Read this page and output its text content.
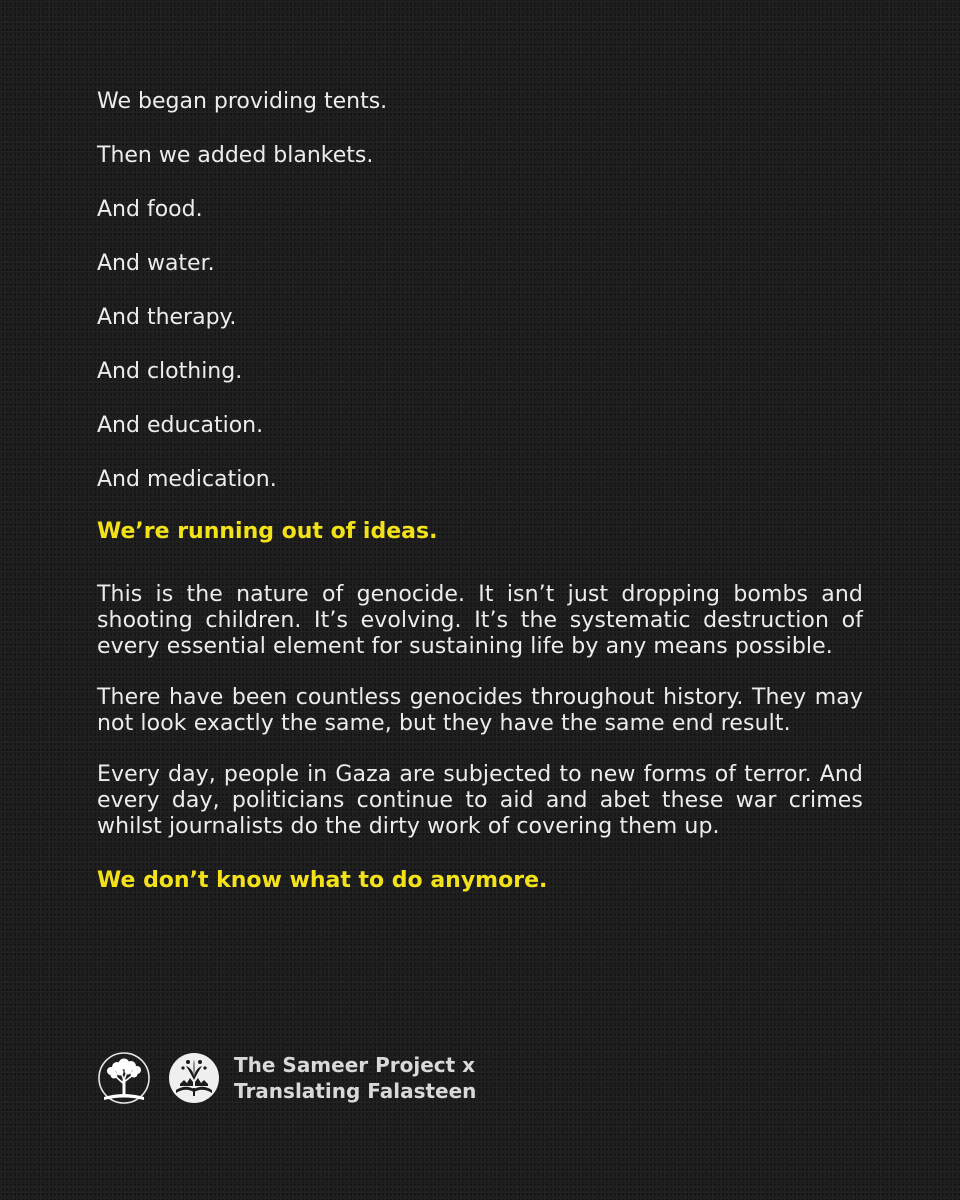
We began providing tents.

Then we added blankets.

And food.

And water.

And therapy.

And clothing.

And education.

And medication.

We’re running out of ideas.

This is the nature of genocide. It isn’t just dropping bombs and shooting children. It’s evolving. It’s the systematic destruction of every essential element for sustaining life by any means possible.

There have been countless genocides throughout history. They may not look exactly the same, but they have the same end result.

Every day, people in Gaza are subjected to new forms of terror. And every day, politicians continue to aid and abet these war crimes whilst journalists do the dirty work of covering them up.

We don’t know what to do anymore.

The Sameer Project x
Translating Falasteen
